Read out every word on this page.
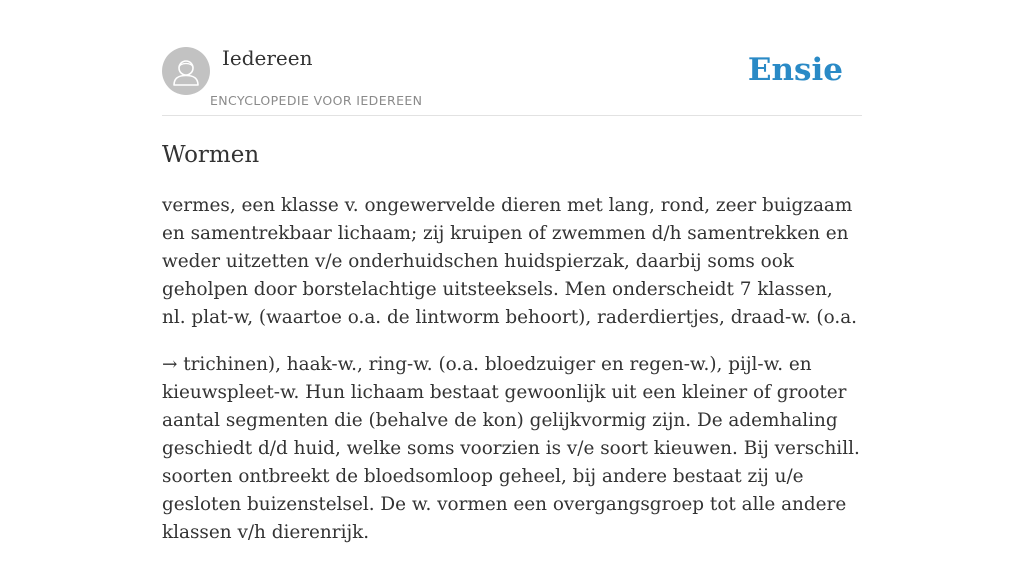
Iedereen
ENCYCLOPEDIE VOOR IEDEREEN
Ensie
Wormen

vermes, een klasse v. ongewervelde dieren met lang, rond, zeer buigzaam en samentrekbaar lichaam; zij kruipen of zwemmen d/h samentrekken en weder uitzetten v/e onderhuidschen huidspierzak, daarbij soms ook geholpen door borstelachtige uitsteeksels. Men onderscheidt 7 klassen, nl. plat-w, (waartoe o.a. de lintworm behoort), raderdiertjes, draad-w. (o.a.

→ trichinen), haak-w., ring-w. (o.a. bloedzuiger en regen-w.), pijl-w. en kieuwspleet-w. Hun lichaam bestaat gewoonlijk uit een kleiner of grooter aantal segmenten die (behalve de kon) gelijkvormig zijn. De ademhaling geschiedt d/d huid, welke soms voorzien is v/e soort kieuwen. Bij verschill. soorten ontbreekt de bloedsomloop geheel, bij andere bestaat zij u/e gesloten buizenstelsel. De w. vormen een overgangsgroep tot alle andere klassen v/h dierenrijk.
